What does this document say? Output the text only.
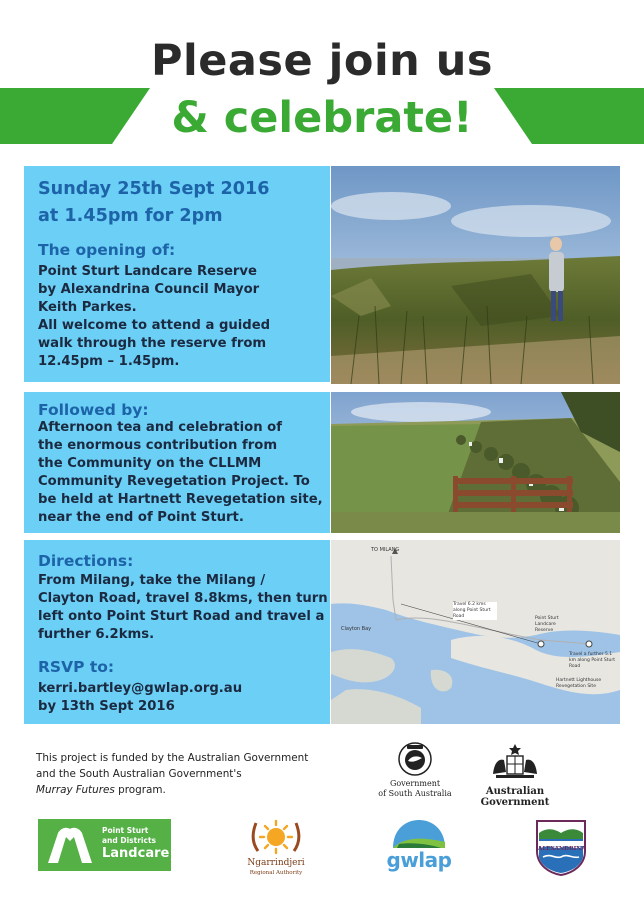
Please join us
& celebrate!
Sunday 25th Sept 2016
at 1.45pm for 2pm
The opening of:
Point Sturt Landcare Reserve
by Alexandrina Council Mayor
Keith Parkes.
All welcome to attend a guided
walk through the reserve from
12.45pm – 1.45pm.
Followed by:
Afternoon tea and celebration of
the enormous contribution from
the Community on the CLLMM
Community Revegetation Project. To
be held at Hartnett Revegetation site,
near the end of Point Sturt.
Directions:
From Milang, take the Milang /
Clayton Road, travel 8.8kms, then turn
left onto Point Sturt Road and travel a
further 6.2kms.
RSVP to:
kerri.bartley@gwlap.org.au
by 13th Sept 2016
TO MILANG
Clayton Bay
Travel 6.2 kms along Point Sturt Road	Point Sturt Landcare Reserve
Travel a further 5.1 km along Point Sturt Road
Hartnett Lighthouse Revegetation Site
This project is funded by the Australian Government
and the South Australian Government's
Murray Futures program.
Government
of South Australia	Australian Government
Point Sturt
and Districts
Landcare
Ngarrindjeri
Regional Authority
gwlap	ALEXANDRINA
